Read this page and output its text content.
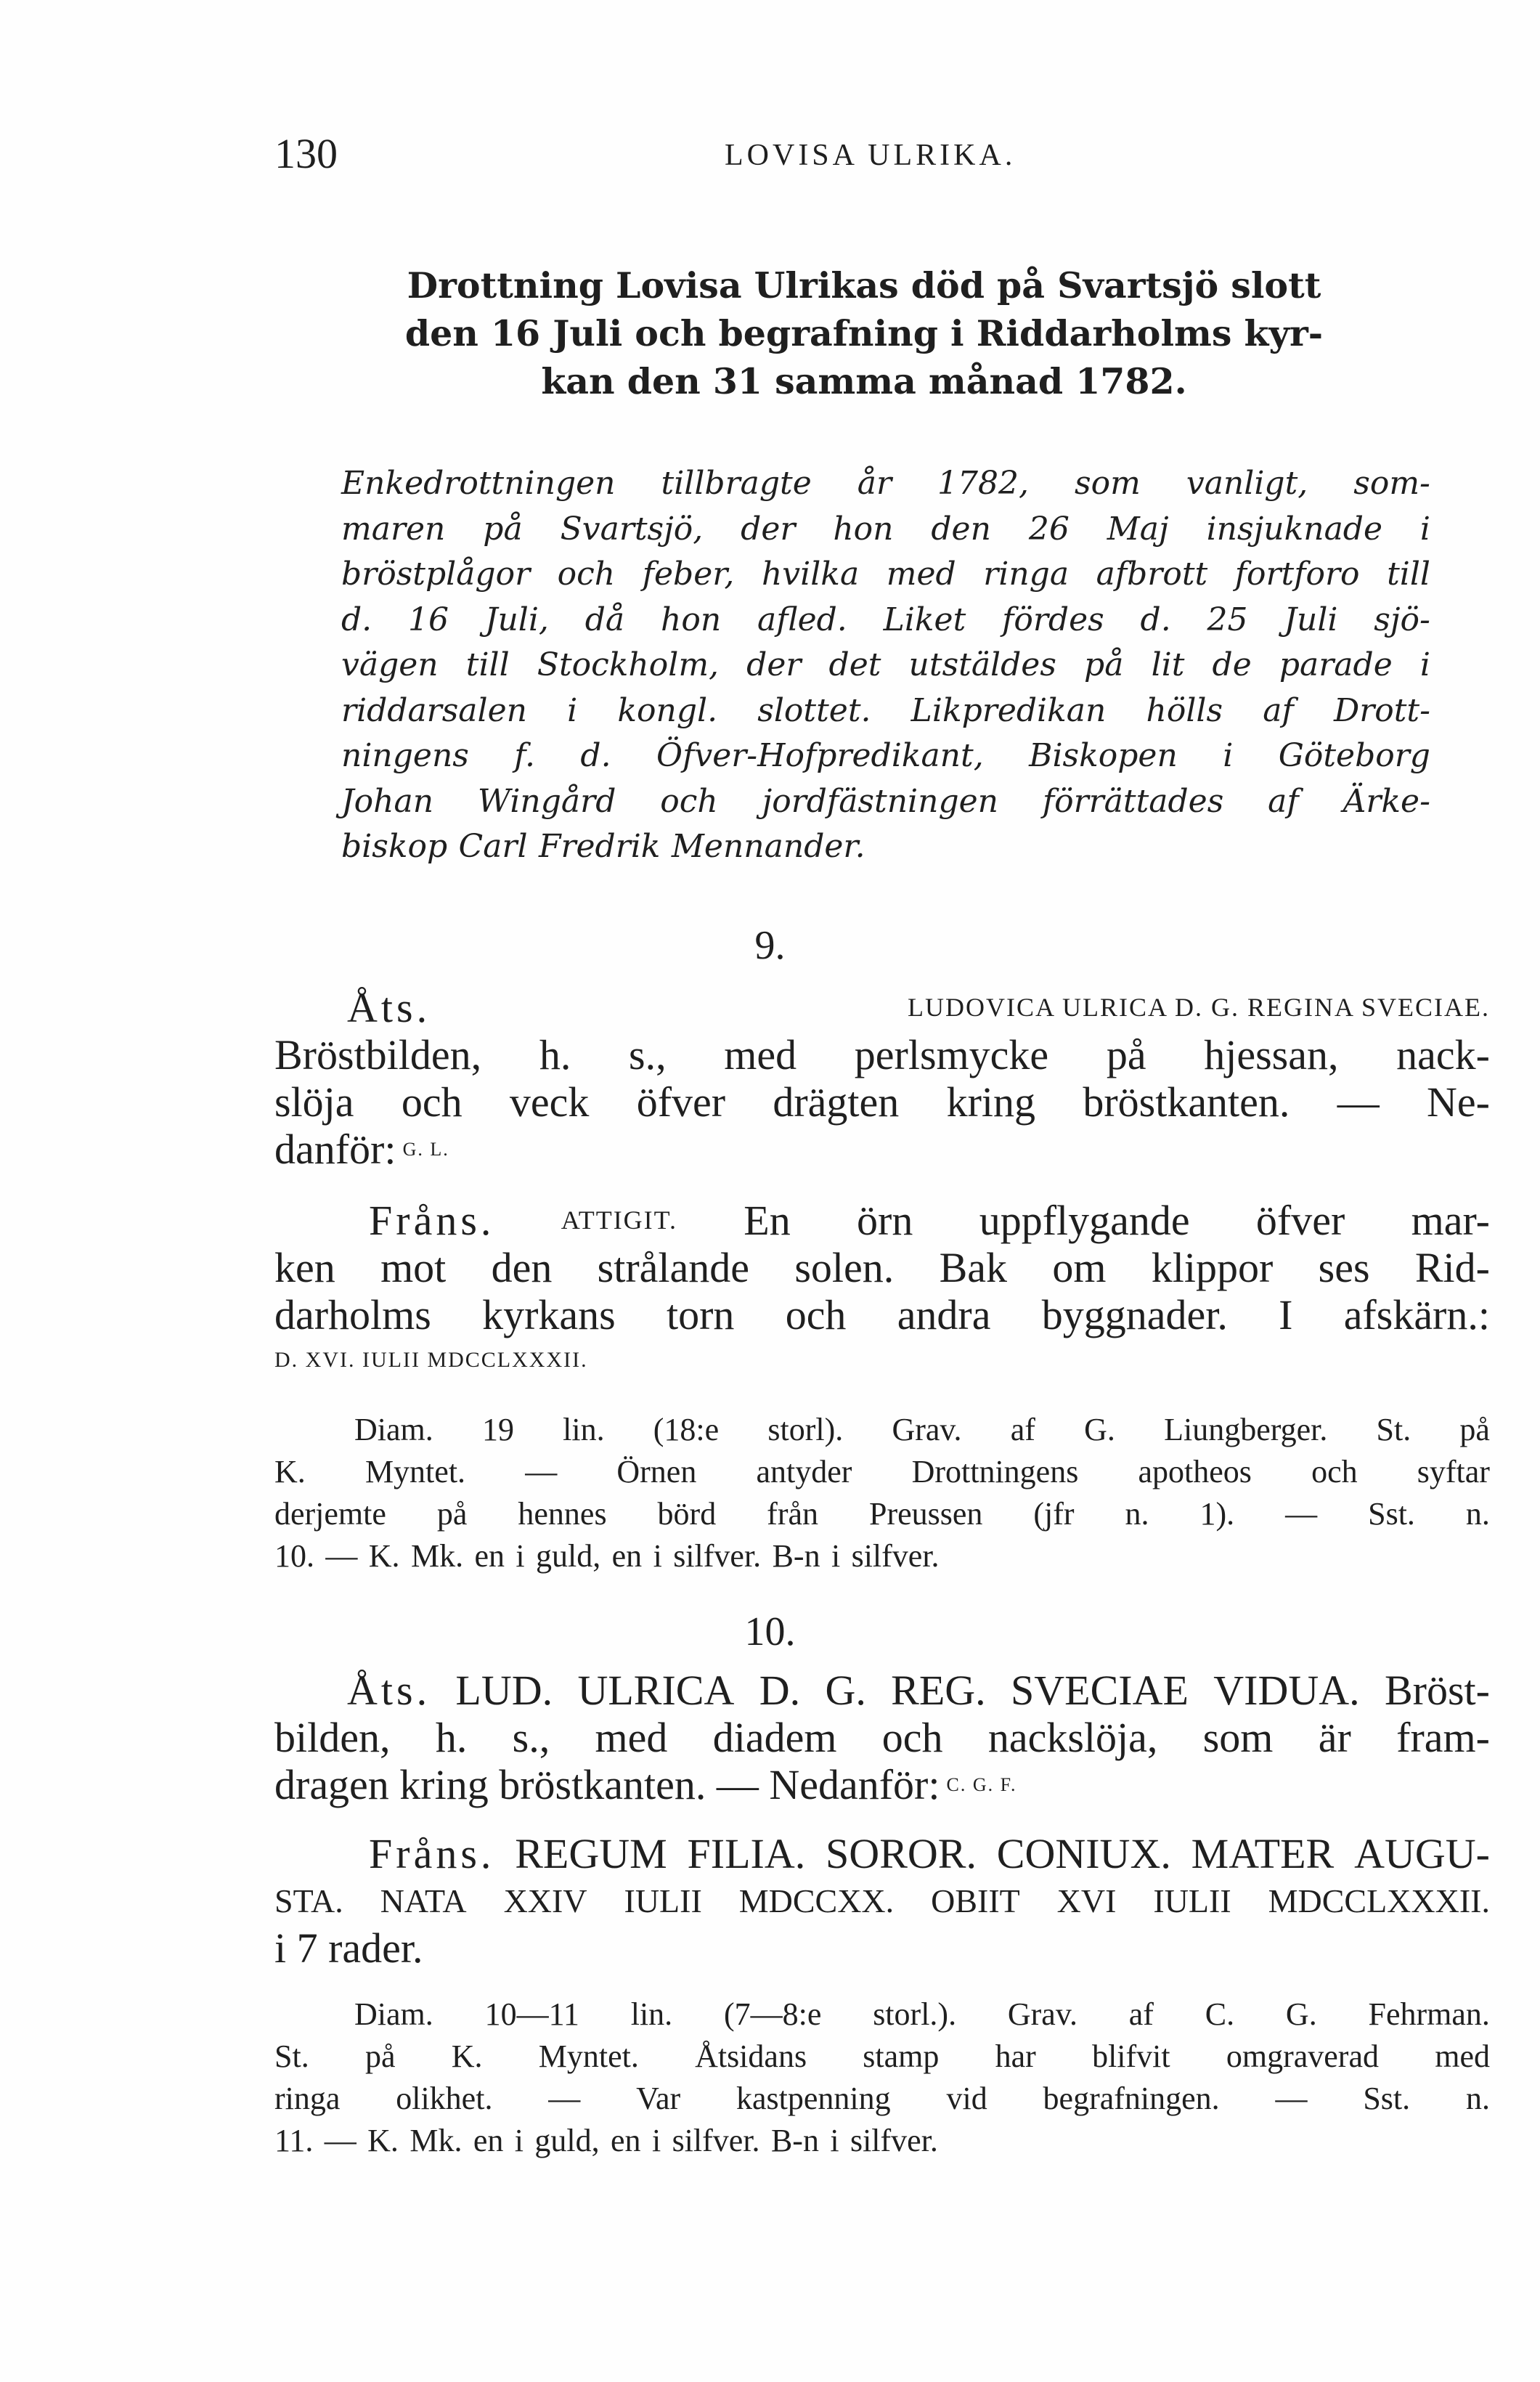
130	LOVISA ULRIKA.
Drottning Lovisa Ulrikas död på Svartsjö slott
den 16 Juli och begrafning i Riddarholms kyr-
kan den 31 samma månad 1782.
Enkedrottningen tillbragte år 1782, som vanligt, som-
maren på Svartsjö, der hon den 26 Maj insjuknade i
bröstplågor och feber, hvilka med ringa afbrott fortforo till
d. 16 Juli, då hon afled. Liket fördes d. 25 Juli sjö-
vägen till Stockholm, der det utstäldes på lit de parade i
riddarsalen i kongl. slottet. Likpredikan hölls af Drott-
ningens f. d. Öfver-Hofpredikant, Biskopen i Göteborg
Johan Wingård och jordfästningen förrättades af Ärke-
biskop Carl Fredrik Mennander.
9.
Åts.	LUDOVICA ULRICA D. G. REGINA SVECIAE.
Bröstbilden, h. s., med perlsmycke på hjessan, nack-
slöja och veck öfver drägten kring bröstkanten. — Ne-
danför: G. L.
Fråns.	ATTIGIT. En örn uppflygande öfver mar-
ken mot den strålande solen. Bak om klippor ses Rid-
darholms kyrkans torn och andra byggnader. I afskärn.:
D. XVI. IULII MDCCLXXXII.
Diam. 19 lin. (18:e storl). Grav. af G. Liungberger. St. på
K. Myntet. — Örnen antyder Drottningens apotheos och syftar
derjemte på hennes börd från Preussen (jfr n. 1). — Sst. n.
10. — K. Mk. en i guld, en i silfver. B-n i silfver.
10.
Åts. LUD. ULRICA D. G. REG. SVECIAE VIDUA. Bröst-
bilden, h. s., med diadem och nackslöja, som är fram-
dragen kring bröstkanten. — Nedanför: C. G. F.
Fråns. REGUM FILIA. SOROR. CONIUX. MATER AUGU-
STA. NATA XXIV IULII MDCCXX. OBIIT XVI IULII MDCCLXXXII.
i 7 rader.
Diam. 10—11 lin. (7—8:e storl.). Grav. af C. G. Fehrman.
St. på K. Myntet. Åtsidans stamp har blifvit omgraverad med
ringa olikhet. — Var kastpenning vid begrafningen. — Sst. n.
11. — K. Mk. en i guld, en i silfver. B-n i silfver.
